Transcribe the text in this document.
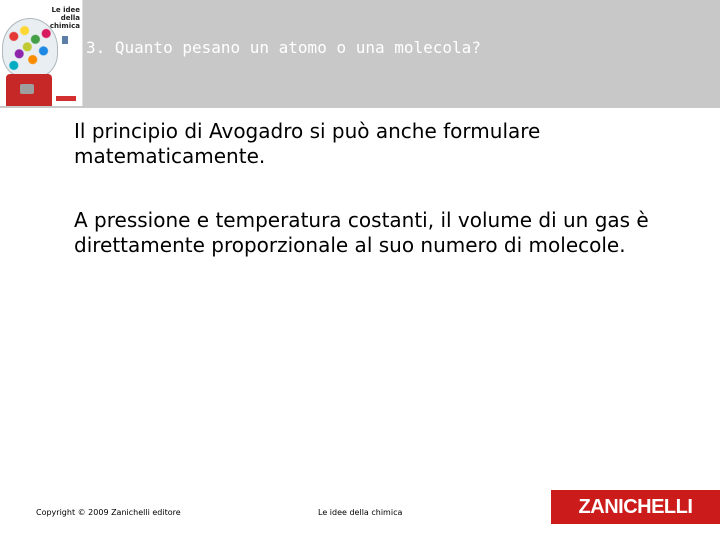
Le idee
della
chimica
3. Quanto pesano un atomo o una molecola?

Il principio di Avogadro si può anche formulare matematicamente.

A pressione e temperatura costanti, il volume di un gas è direttamente proporzionale al suo numero di molecole.

Copyright © 2009 Zanichelli editore	Le idee della chimica	ZANICHELLI
